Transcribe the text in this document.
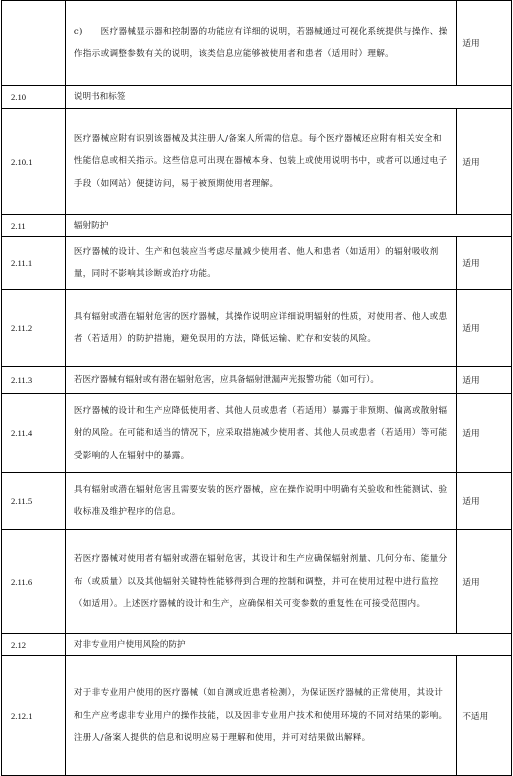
	c) 医疗器械显示器和控制器的功能应有详细的说明，若器械通过可视化系统提供与操作、操作指示或调整参数有关的说明，该类信息应能够被使用者和患者（适用时）理解。	适用
2.10	说明书和标签	
2.10.1	医疗器械应附有识别该器械及其注册人/备案人所需的信息。每个医疗器械还应附有相关安全和性能信息或相关指示。这些信息可出现在器械本身、包装上或使用说明书中，或者可以通过电子手段（如网站）便捷访问，易于被预期使用者理解。	适用
2.11	辐射防护	
2.11.1	医疗器械的设计、生产和包装应当考虑尽量减少使用者、他人和患者（如适用）的辐射吸收剂量，同时不影响其诊断或治疗功能。	适用
2.11.2	具有辐射或潜在辐射危害的医疗器械，其操作说明应详细说明辐射的性质，对使用者、他人或患者（若适用）的防护措施，避免误用的方法，降低运输、贮存和安装的风险。	适用
2.11.3	若医疗器械有辐射或有潜在辐射危害，应具备辐射泄漏声光报警功能（如可行）。	适用
2.11.4	医疗器械的设计和生产应降低使用者、其他人员或患者（若适用）暴露于非预期、偏离或散射辐射的风险。在可能和适当的情况下，应采取措施减少使用者、其他人员或患者（若适用）等可能受影响的人在辐射中的暴露。	适用
2.11.5	具有辐射或潜在辐射危害且需要安装的医疗器械，应在操作说明中明确有关验收和性能测试、验收标准及维护程序的信息。	适用
2.11.6	若医疗器械对使用者有辐射或潜在辐射危害，其设计和生产应确保辐射剂量、几何分布、能量分布（或质量）以及其他辐射关键特性能够得到合理的控制和调整，并可在使用过程中进行监控（如适用）。上述医疗器械的设计和生产，应确保相关可变参数的重复性在可接受范围内。	适用
2.12	对非专业用户使用风险的防护	
2.12.1	对于非专业用户使用的医疗器械（如自测或近患者检测），为保证医疗器械的正常使用，其设计和生产应考虑非专业用户的操作技能，以及因非专业用户技术和使用环境的不同对结果的影响。注册人/备案人提供的信息和说明应易于理解和使用，并可对结果做出解释。	不适用
